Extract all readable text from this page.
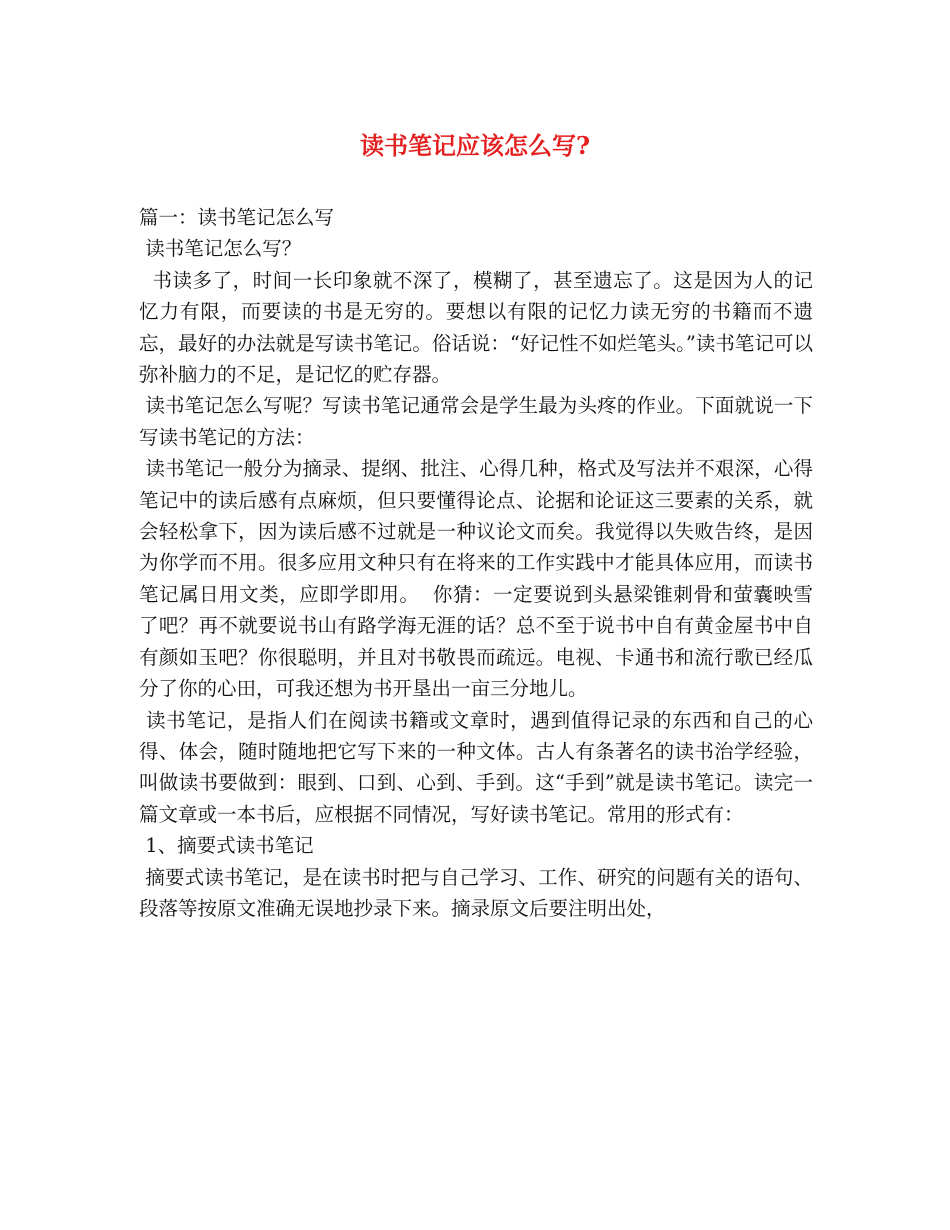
读书笔记应该怎么写?

篇一：读书笔记怎么写

读书笔记怎么写？

书读多了，时间一长印象就不深了，模糊了，甚至遗忘了。这是因为人的记忆力有限，而要读的书是无穷的。要想以有限的记忆力读无穷的书籍而不遗忘，最好的办法就是写读书笔记。俗话说：“好记性不如烂笔头。”读书笔记可以弥补脑力的不足，是记忆的贮存器。

读书笔记怎么写呢？写读书笔记通常会是学生最为头疼的作业。下面就说一下写读书笔记的方法：

读书笔记一般分为摘录、提纲、批注、心得几种，格式及写法并不艰深，心得笔记中的读后感有点麻烦，但只要懂得论点、论据和论证这三要素的关系，就会轻松拿下，因为读后感不过就是一种议论文而矣。我觉得以失败告终，是因为你学而不用。很多应用文种只有在将来的工作实践中才能具体应用，而读书笔记属日用文类，应即学即用。  你猜：一定要说到头悬梁锥刺骨和萤囊映雪了吧？再不就要说书山有路学海无涯的话？总不至于说书中自有黄金屋书中自有颜如玉吧？你很聪明，并且对书敬畏而疏远。电视、卡通书和流行歌已经瓜分了你的心田，可我还想为书开垦出一亩三分地儿。

读书笔记，是指人们在阅读书籍或文章时，遇到值得记录的东西和自己的心得、体会，随时随地把它写下来的一种文体。古人有条著名的读书治学经验，叫做读书要做到：眼到、口到、心到、手到。这“手到”就是读书笔记。读完一篇文章或一本书后，应根据不同情况，写好读书笔记。常用的形式有：

1、摘要式读书笔记

摘要式读书笔记，是在读书时把与自己学习、工作、研究的问题有关的语句、段落等按原文准确无误地抄录下来。摘录原文后要注明出处，
